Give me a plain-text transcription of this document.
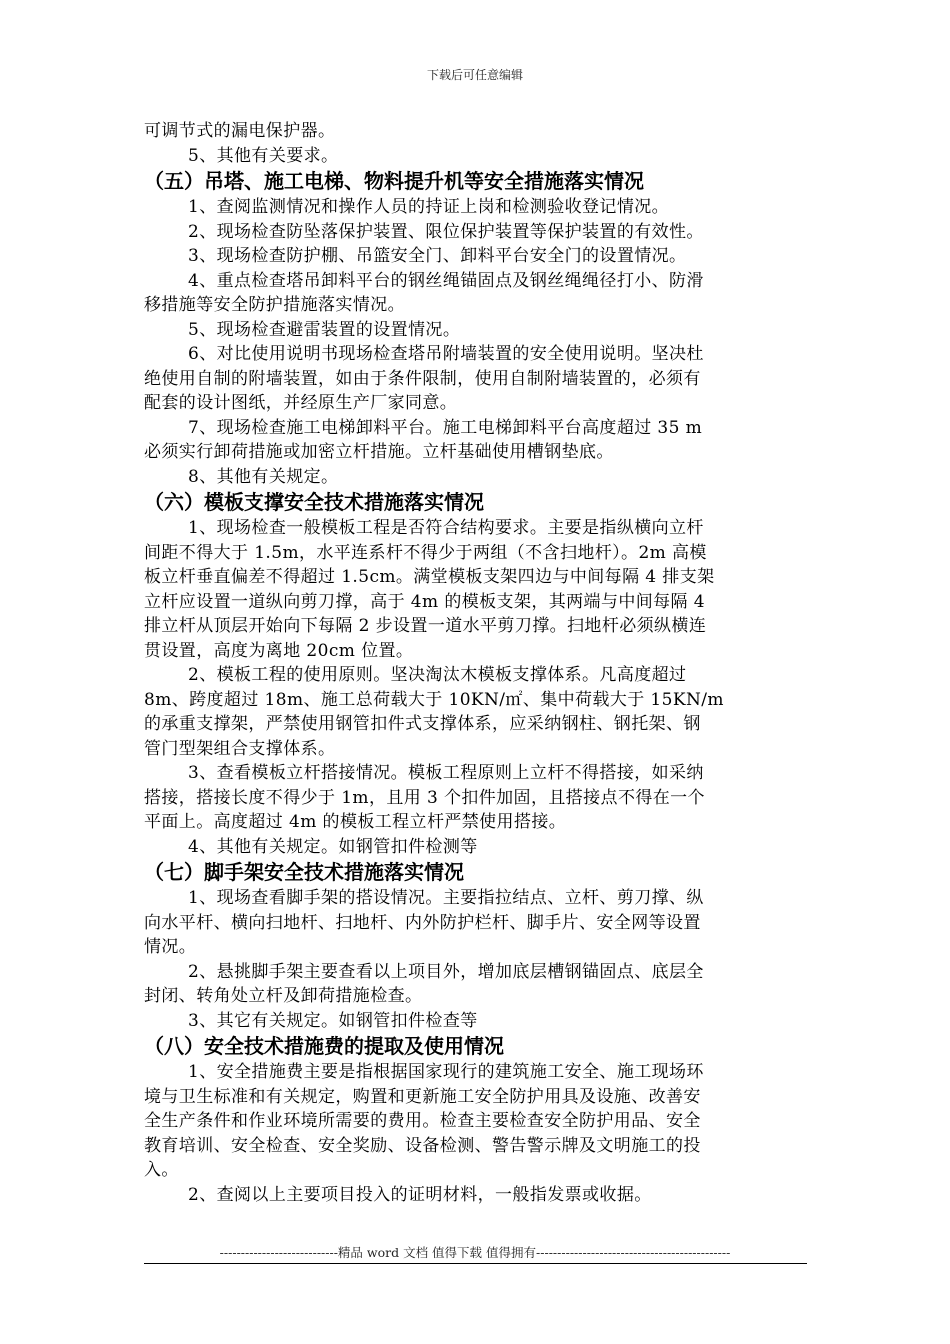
下载后可任意编辑

可调节式的漏电保护器。

5、其他有关要求。

（五）吊塔、施工电梯、物料提升机等安全措施落实情况

1、查阅监测情况和操作人员的持证上岗和检测验收登记情况。

2、现场检查防坠落保护装置、限位保护装置等保护装置的有效性。

3、现场检查防护棚、吊篮安全门、卸料平台安全门的设置情况。

4、重点检查塔吊卸料平台的钢丝绳锚固点及钢丝绳绳径打小、防滑

移措施等安全防护措施落实情况。

5、现场检查避雷装置的设置情况。

6、对比使用说明书现场检查塔吊附墙装置的安全使用说明。坚决杜

绝使用自制的附墙装置，如由于条件限制，使用自制附墙装置的，必须有

配套的设计图纸，并经原生产厂家同意。

7、现场检查施工电梯卸料平台。施工电梯卸料平台高度超过 35 m

必须实行卸荷措施或加密立杆措施。立杆基础使用槽钢垫底。

8、其他有关规定。

（六）模板支撑安全技术措施落实情况

1、现场检查一般模板工程是否符合结构要求。主要是指纵横向立杆

间距不得大于 1.5m，水平连系杆不得少于两组（不含扫地杆）。2m 高模

板立杆垂直偏差不得超过 1.5cm。满堂模板支架四边与中间每隔 4 排支架

立杆应设置一道纵向剪刀撑，高于 4m 的模板支架，其两端与中间每隔 4

排立杆从顶层开始向下每隔 2 步设置一道水平剪刀撑。扫地杆必须纵横连

贯设置，高度为离地 20cm 位置。

2、模板工程的使用原则。坚决淘汰木模板支撑体系。凡高度超过

8m、跨度超过 18m、施工总荷载大于 10KN/㎡、集中荷载大于 15KN/m

的承重支撑架，严禁使用钢管扣件式支撑体系，应采纳钢柱、钢托架、钢

管门型架组合支撑体系。

3、查看模板立杆搭接情况。模板工程原则上立杆不得搭接，如采纳

搭接，搭接长度不得少于 1m，且用 3 个扣件加固，且搭接点不得在一个

平面上。高度超过 4m 的模板工程立杆严禁使用搭接。

4、其他有关规定。如钢管扣件检测等

（七）脚手架安全技术措施落实情况

1、现场查看脚手架的搭设情况。主要指拉结点、立杆、剪刀撑、纵

向水平杆、横向扫地杆、扫地杆、内外防护栏杆、脚手片、安全网等设置

情况。

2、悬挑脚手架主要查看以上项目外，增加底层槽钢锚固点、底层全

封闭、转角处立杆及卸荷措施检查。

3、其它有关规定。如钢管扣件检查等

（八）安全技术措施费的提取及使用情况

1、安全措施费主要是指根据国家现行的建筑施工安全、施工现场环

境与卫生标准和有关规定，购置和更新施工安全防护用具及设施、改善安

全生产条件和作业环境所需要的费用。检查主要检查安全防护用品、安全

教育培训、安全检查、安全奖励、设备检测、警告警示牌及文明施工的投

入。

2、查阅以上主要项目投入的证明材料，一般指发票或收据。

----------------------------精品 word 文档 值得下载 值得拥有----------------------------------------------
